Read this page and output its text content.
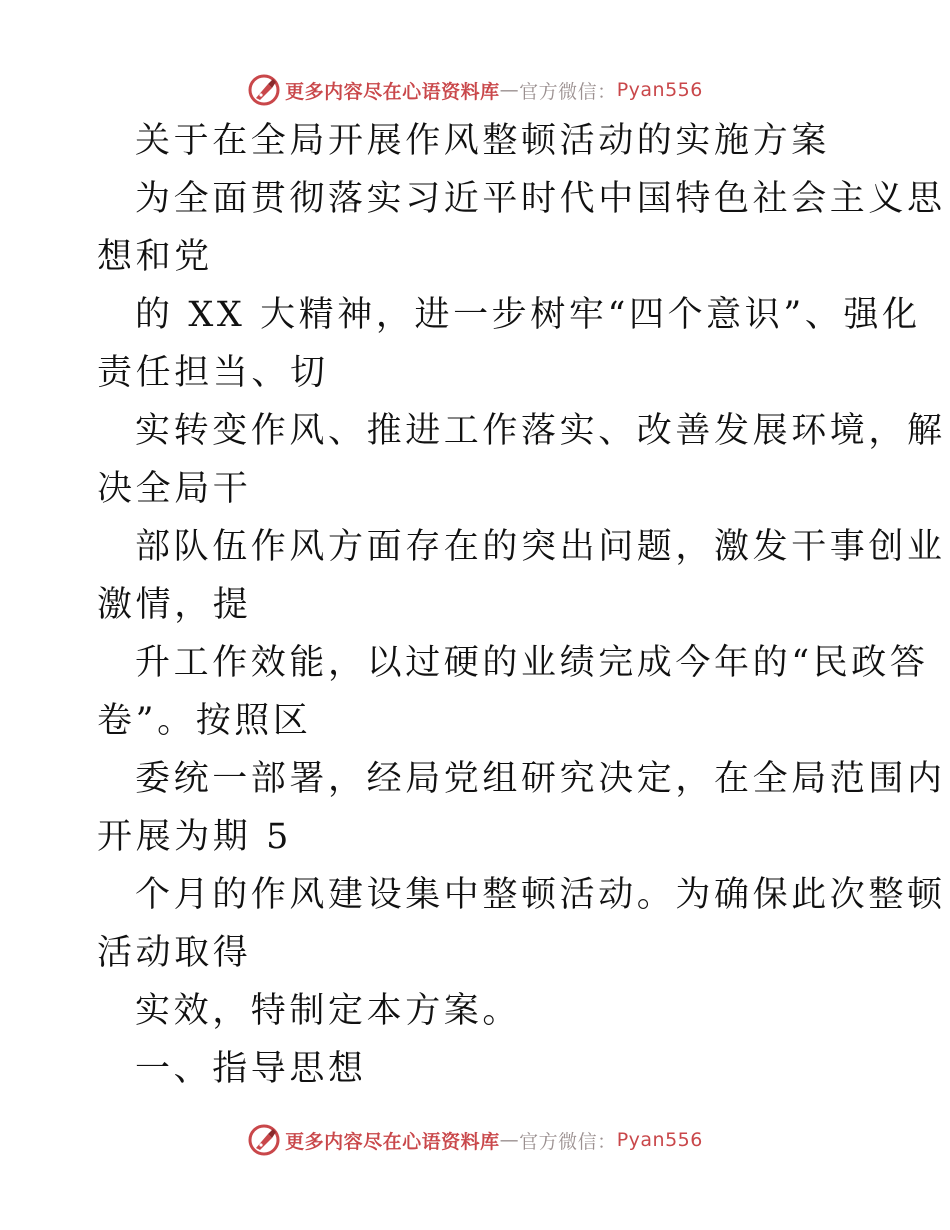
更多内容尽在心语资料库 — 官方微信： Pyan556
关于在全局开展作风整顿活动的实施方案
为全面贯彻落实习近平时代中国特色社会主义思
想和党
的 XX 大精神，进一步树牢“四个意识”、强化
责任担当、切
实转变作风、推进工作落实、改善发展环境，解
决全局干
部队伍作风方面存在的突出问题，激发干事创业
激情，提
升工作效能，以过硬的业绩完成今年的“民政答
卷”。按照区
委统一部署，经局党组研究决定，在全局范围内
开展为期 5
个月的作风建设集中整顿活动。为确保此次整顿
活动取得
实效，特制定本方案。
一、指导思想
更多内容尽在心语资料库 — 官方微信： Pyan556
